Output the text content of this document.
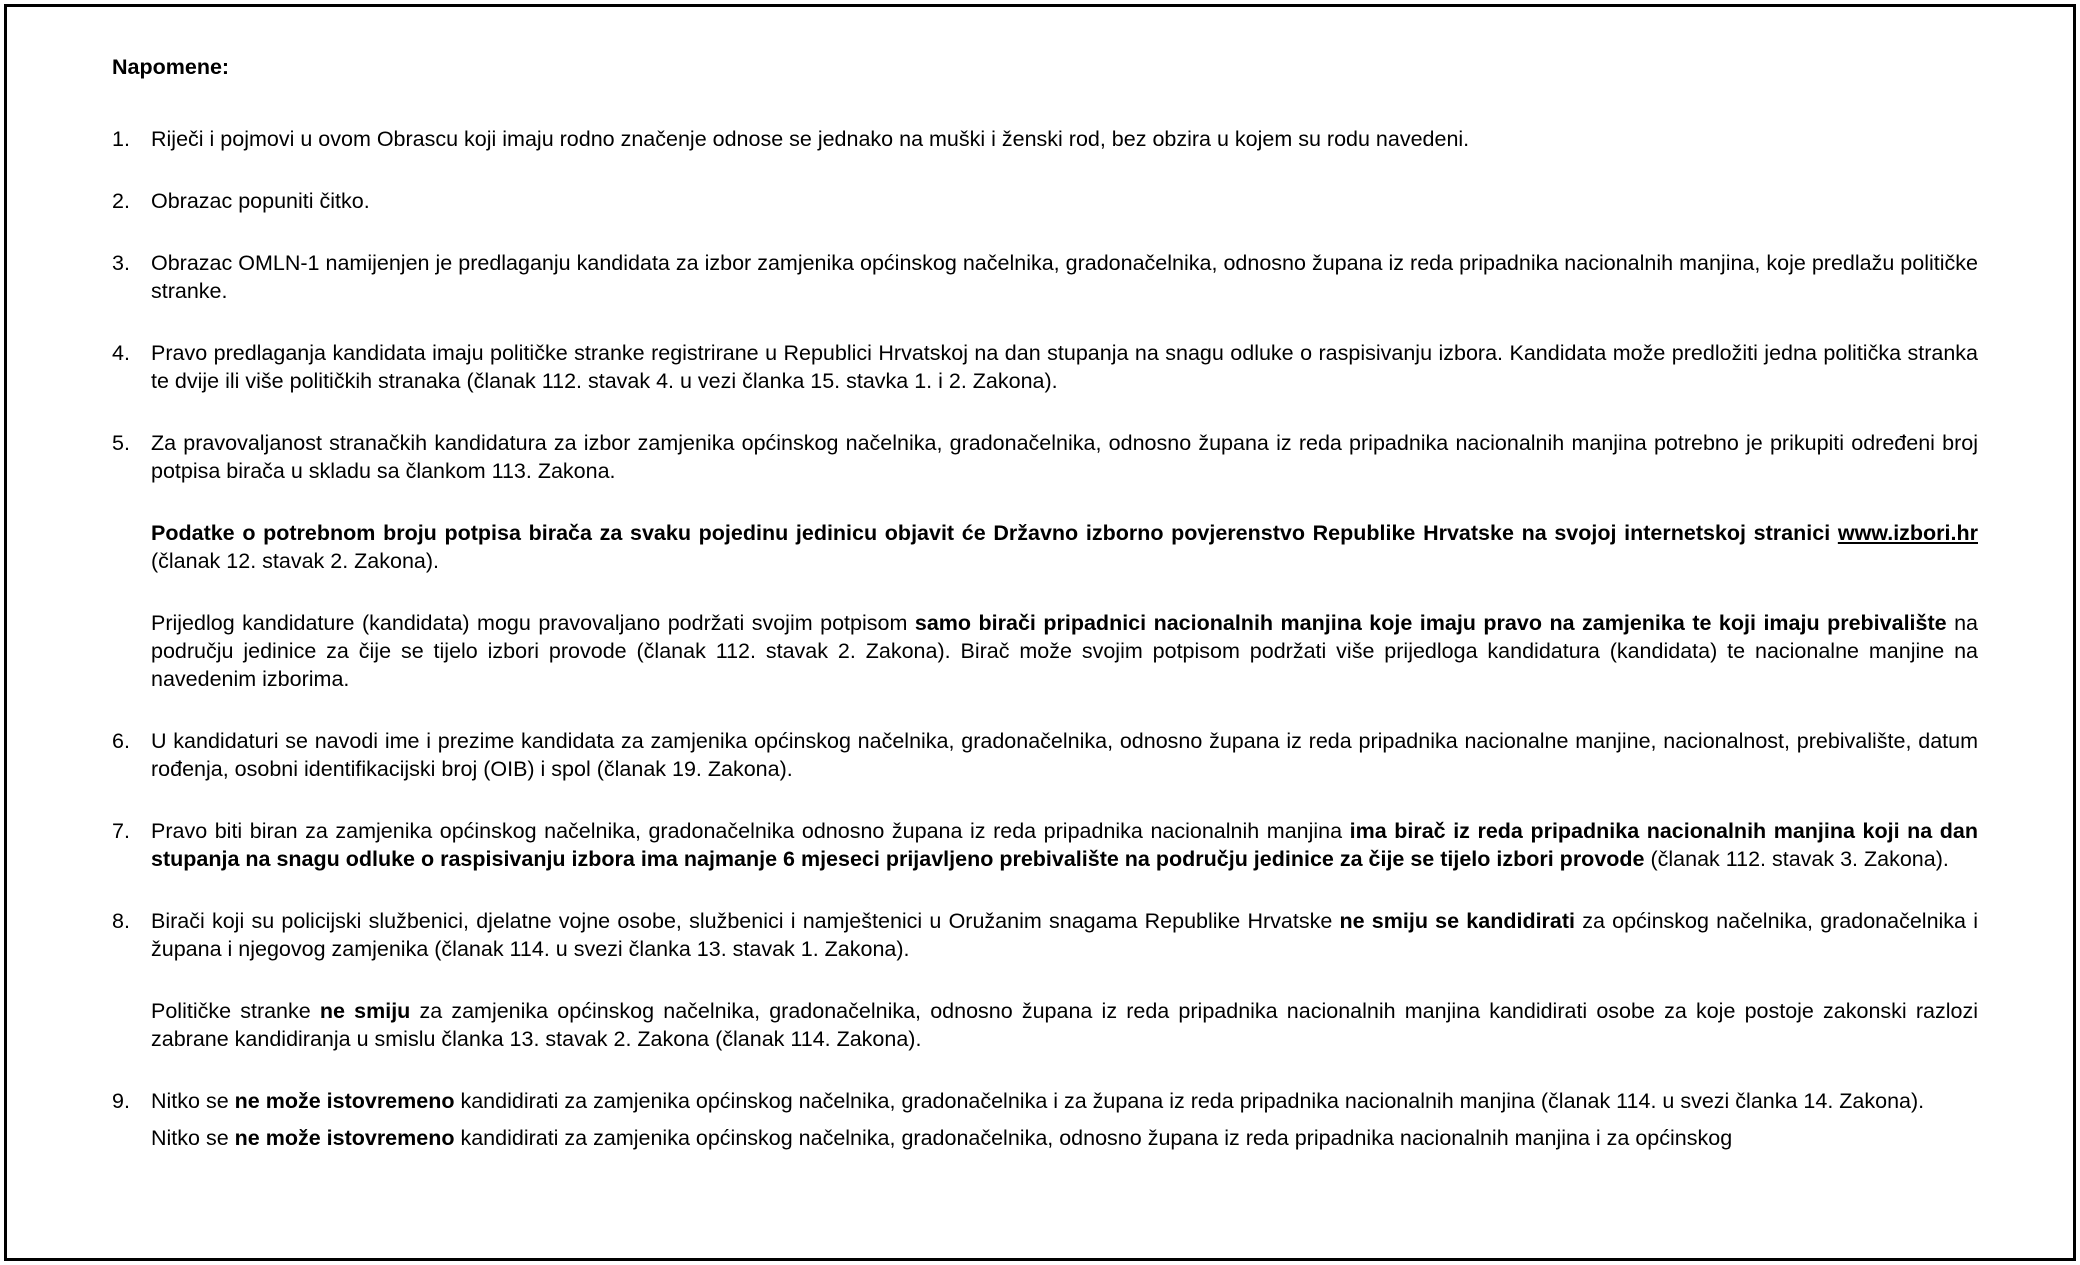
Napomene:

1. Riječi i pojmovi u ovom Obrascu koji imaju rodno značenje odnose se jednako na muški i ženski rod, bez obzira u kojem su rodu navedeni.

2. Obrazac popuniti čitko.

3. Obrazac OMLN-1 namijenjen je predlaganju kandidata za izbor zamjenika općinskog načelnika, gradonačelnika, odnosno župana iz reda pripadnika nacionalnih manjina, koje predlažu političke stranke.

4. Pravo predlaganja kandidata imaju političke stranke registrirane u Republici Hrvatskoj na dan stupanja na snagu odluke o raspisivanju izbora. Kandidata može predložiti jedna politička stranka te dvije ili više političkih stranaka (članak 112. stavak 4. u vezi članka 15. stavka 1. i 2. Zakona).

5. Za pravovaljanost stranačkih kandidatura za izbor zamjenika općinskog načelnika, gradonačelnika, odnosno župana iz reda pripadnika nacionalnih manjina potrebno je prikupiti određeni broj potpisa birača u skladu sa člankom 113. Zakona.

Podatke o potrebnom broju potpisa birača za svaku pojedinu jedinicu objavit će Državno izborno povjerenstvo Republike Hrvatske na svojoj internetskoj stranici www.izbori.hr (članak 12. stavak 2. Zakona).

Prijedlog kandidature (kandidata) mogu pravovaljano podržati svojim potpisom samo birači pripadnici nacionalnih manjina koje imaju pravo na zamjenika te koji imaju prebivalište na području jedinice za čije se tijelo izbori provode (članak 112. stavak 2. Zakona). Birač može svojim potpisom podržati više prijedloga kandidatura (kandidata) te nacionalne manjine na navedenim izborima.

6. U kandidaturi se navodi ime i prezime kandidata za zamjenika općinskog načelnika, gradonačelnika, odnosno župana iz reda pripadnika nacionalne manjine, nacionalnost, prebivalište, datum rođenja, osobni identifikacijski broj (OIB) i spol (članak 19. Zakona).

7. Pravo biti biran za zamjenika općinskog načelnika, gradonačelnika odnosno župana iz reda pripadnika nacionalnih manjina ima birač iz reda pripadnika nacionalnih manjina koji na dan stupanja na snagu odluke o raspisivanju izbora ima najmanje 6 mjeseci prijavljeno prebivalište na području jedinice za čije se tijelo izbori provode (članak 112. stavak 3. Zakona).

8. Birači koji su policijski službenici, djelatne vojne osobe, službenici i namještenici u Oružanim snagama Republike Hrvatske ne smiju se kandidirati za općinskog načelnika, gradonačelnika i župana i njegovog zamjenika (članak 114. u svezi članka 13. stavak 1. Zakona).

Političke stranke ne smiju za zamjenika općinskog načelnika, gradonačelnika, odnosno župana iz reda pripadnika nacionalnih manjina kandidirati osobe za koje postoje zakonski razlozi zabrane kandidiranja u smislu članka 13. stavak 2. Zakona (članak 114. Zakona).

9. Nitko se ne može istovremeno kandidirati za zamjenika općinskog načelnika, gradonačelnika i za župana iz reda pripadnika nacionalnih manjina (članak 114. u svezi članka 14. Zakona).

Nitko se ne može istovremeno kandidirati za zamjenika općinskog načelnika, gradonačelnika, odnosno župana iz reda pripadnika nacionalnih manjina i za općinskog
